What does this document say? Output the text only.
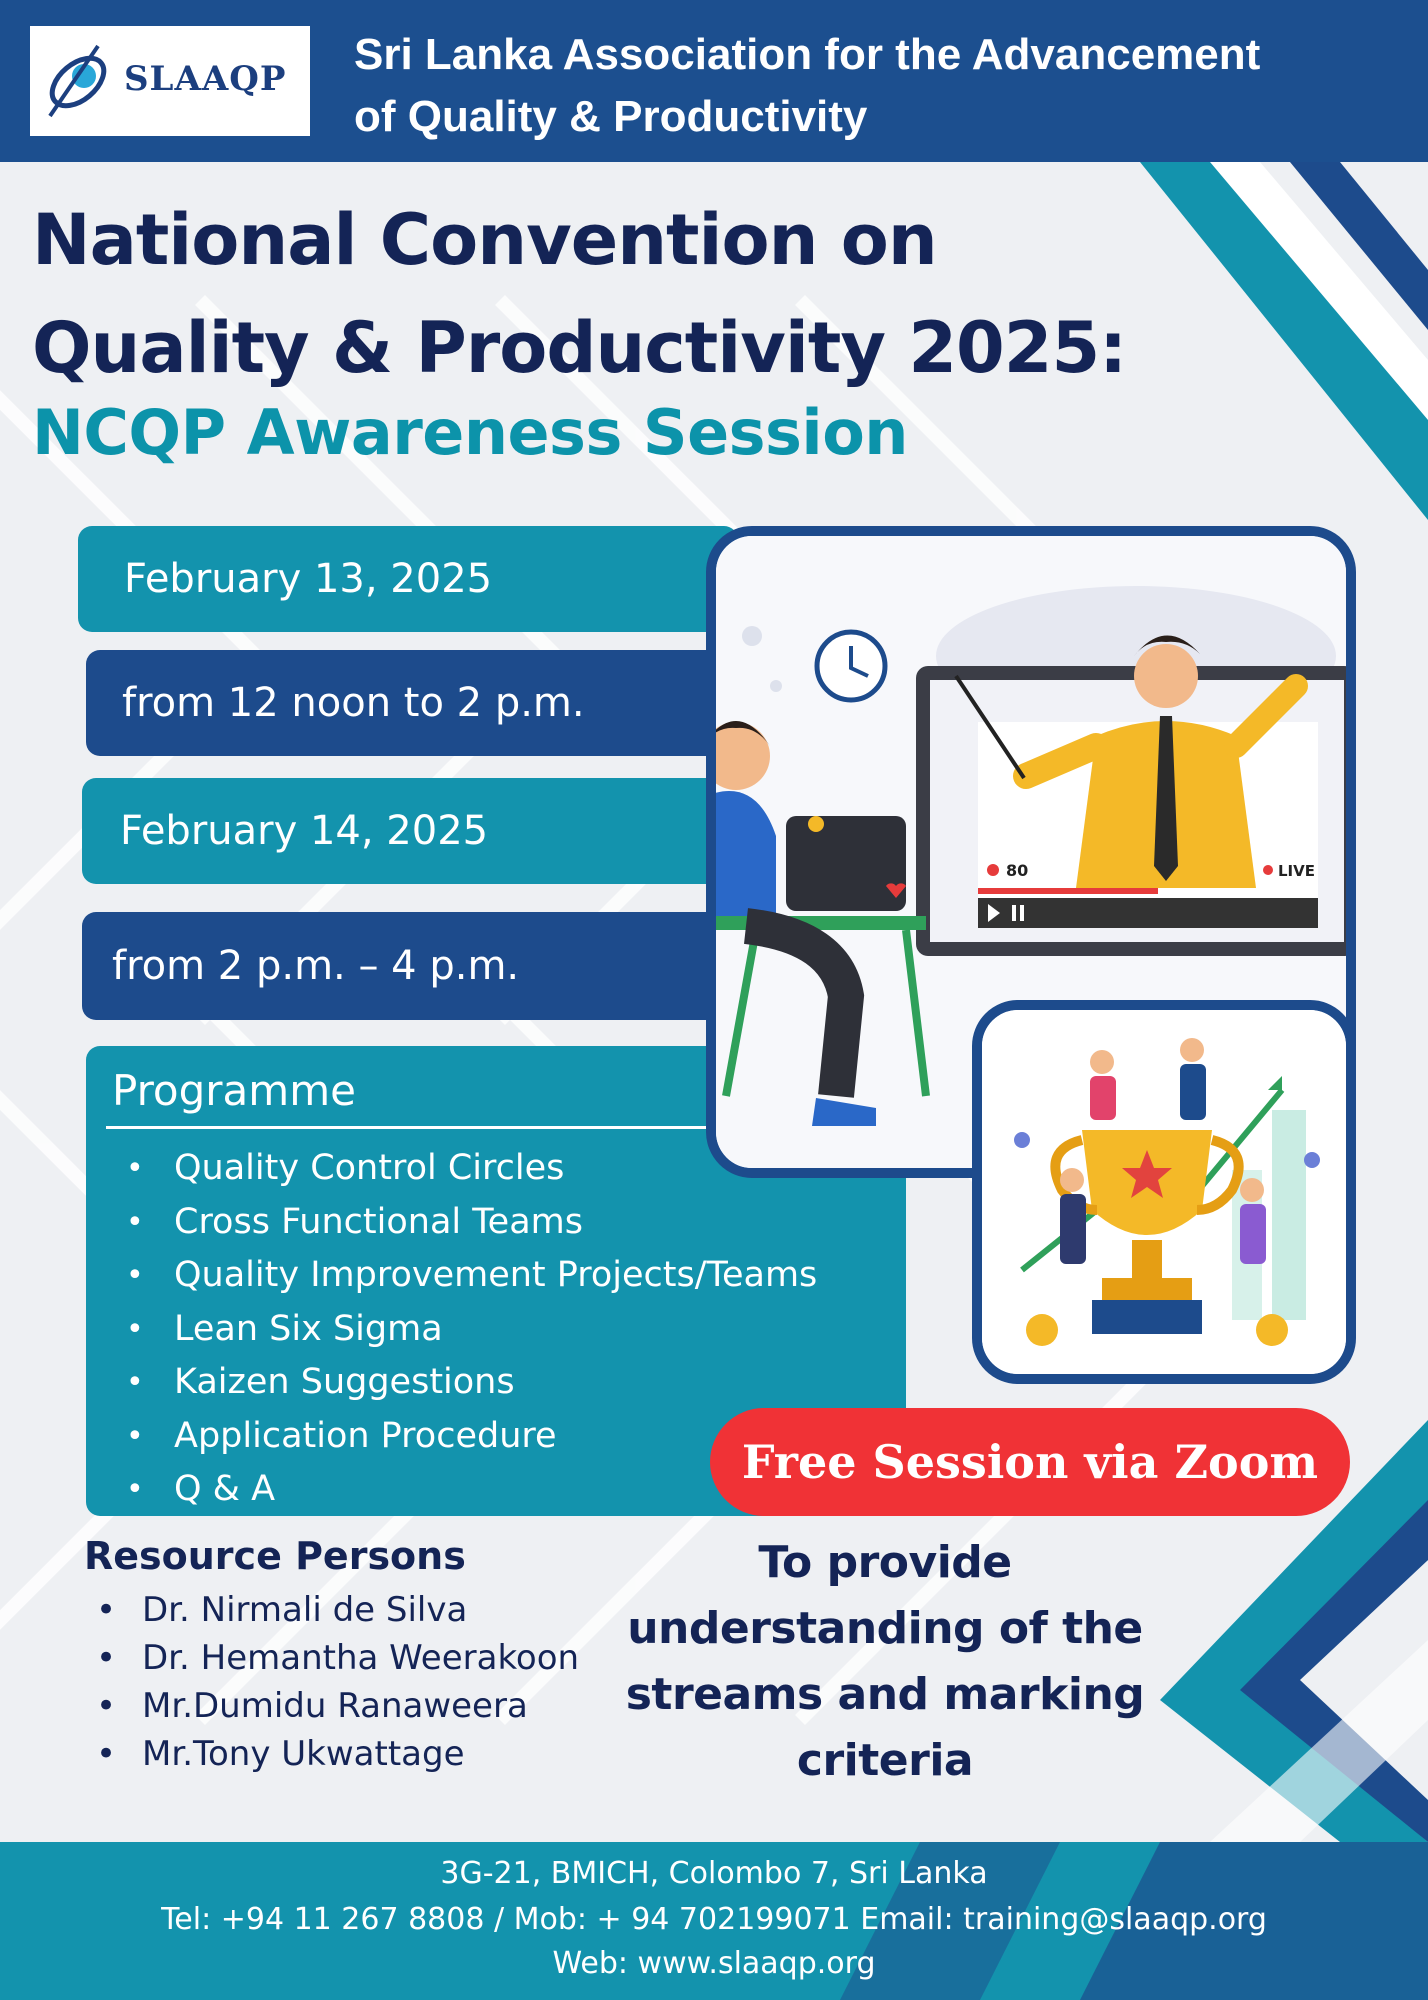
SLAAQP Sri Lanka Association for the Advancement
of Quality & Productivity
National Convention on
Quality & Productivity 2025:
NCQP Awareness Session
February 13, 2025
from 12 noon to 2 p.m.
February 14, 2025
from 2 p.m. – 4 p.m.
Programme
• Quality Control Circles
• Cross Functional Teams
• Quality Improvement Projects/Teams
• Lean Six Sigma
• Kaizen Suggestions
• Application Procedure
• Q & A
80	LIVE
Free Session via Zoom
Resource Persons
• Dr. Nirmali de Silva
• Dr. Hemantha Weerakoon
• Mr.Dumidu Ranaweera
• Mr.Tony Ukwattage
To provide
understanding of the
streams and marking
criteria
3G-21, BMICH, Colombo 7, Sri Lanka
Tel: +94 11 267 8808 / Mob: + 94 702199071 Email: training@slaaqp.org
Web: www.slaaqp.org
